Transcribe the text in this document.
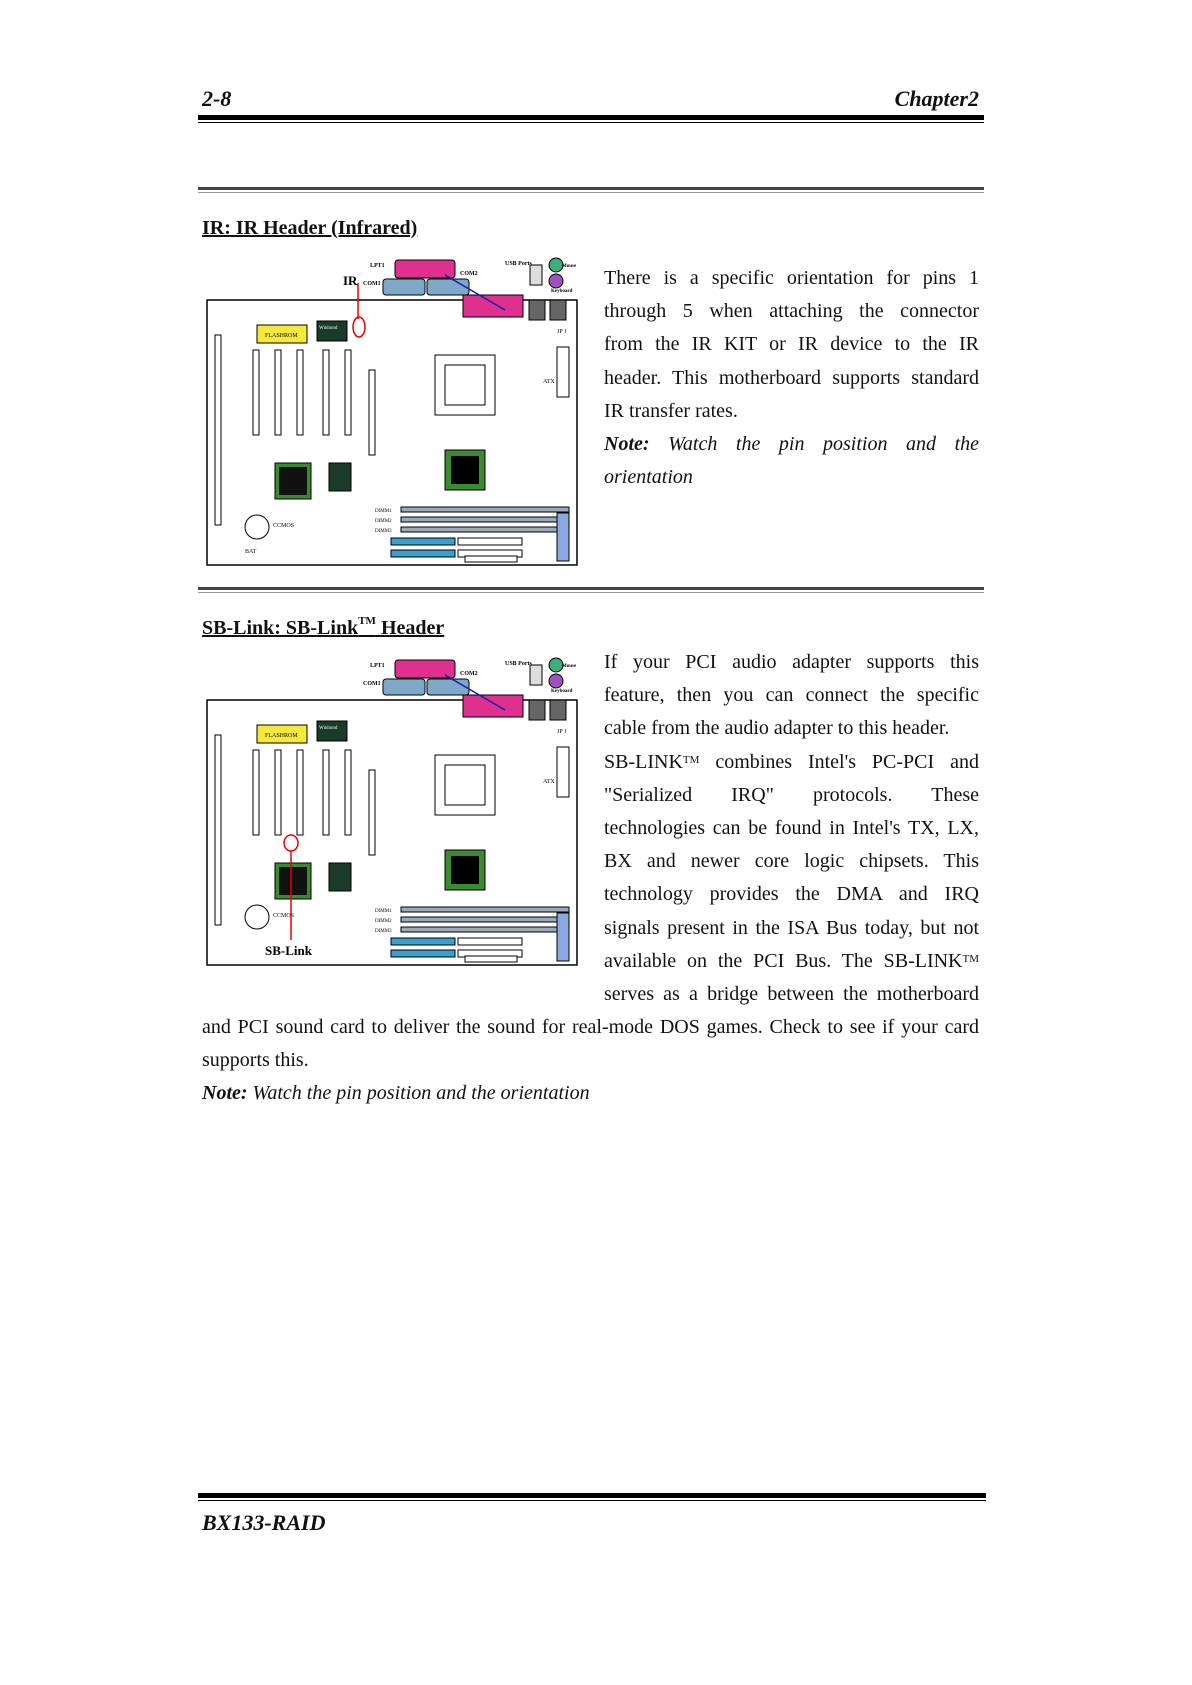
2-8	Chapter2
IR: IR Header (Infrared)
LPT1
COM1
COM2
USB Ports	Mouse
Keyboard
FLASHROM
Winbond
ATX
JP 1
DIMM1
DIMM2
DIMM3
BAT
CCMOS
IR	There is a specific orientation for pins 1
through 5 when attaching the connector
from the IR KIT or IR device to the IR
header. This motherboard supports standard
IR transfer rates.
Note: Watch the pin position and the
orientation
SB-Link: SB-Link™ Header
LPT1
COM1
COM2
USB Ports	Mouse
Keyboard
FLASHROM
Winbond
ATX
JP 1
DIMM1
DIMM2
DIMM3
CCMOS
SB-Link
If your PCI audio adapter supports this
feature, then you can connect the specific
cable from the audio adapter to this header.
SB-LINK™ combines Intel's PC-PCI and
"Serialized IRQ" protocols. These
technologies can be found in Intel's TX, LX,
BX and newer core logic chipsets. This
technology provides the DMA and IRQ
signals present in the ISA Bus today, but not
available on the PCI Bus. The SB-LINK™
serves as a bridge between the motherboard
and PCI sound card to deliver the sound for real-mode DOS games. Check to see if your card
supports this.
Note: Watch the pin position and the orientation
BX133-RAID
